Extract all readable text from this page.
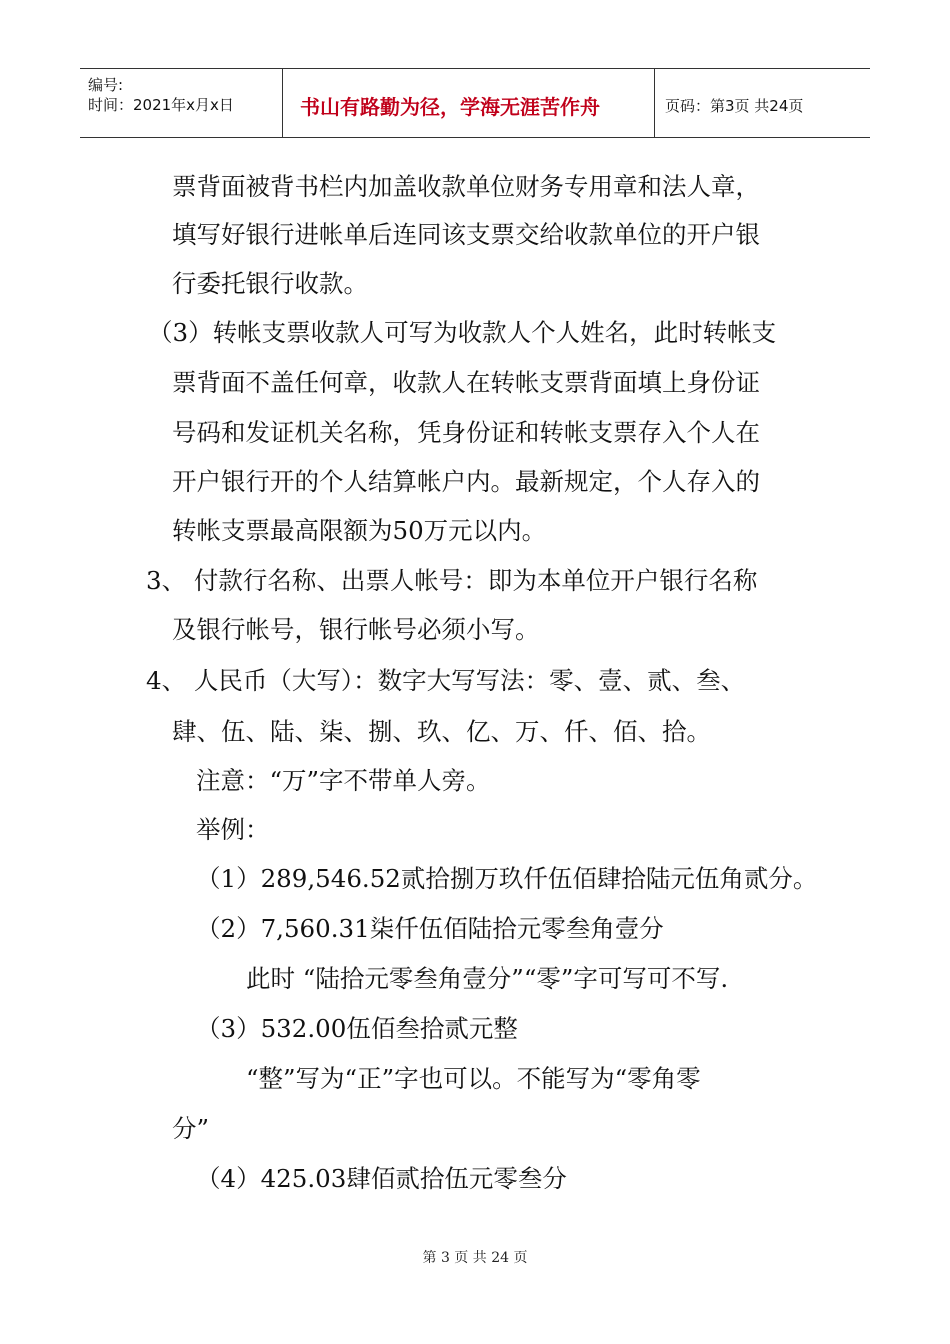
编号:
时间：2021年x月x日	书山有路勤为径，学海无涯苦作舟	页码：第3页 共24页
票背面被背书栏内加盖收款单位财务专用章和法人章，
填写好银行进帐单后连同该支票交给收款单位的开户银
行委托银行收款。
（3）转帐支票收款人可写为收款人个人姓名，此时转帐支
票背面不盖任何章，收款人在转帐支票背面填上身份证
号码和发证机关名称，凭身份证和转帐支票存入个人在
开户银行开的个人结算帐户内。最新规定，个人存入的
转帐支票最高限额为50万元以内。
3、 付款行名称、出票人帐号：即为本单位开户银行名称
及银行帐号，银行帐号必须小写。
4、 人民币（大写）：数字大写写法：零、壹、贰、叁、
肆、伍、陆、柒、捌、玖、亿、万、仟、佰、拾。
注意：“万”字不带单人旁。
举例：
（1）289,546.52贰拾捌万玖仟伍佰肆拾陆元伍角贰分。
（2）7,560.31柒仟伍佰陆拾元零叁角壹分
此时 “陆拾元零叁角壹分”“零”字可写可不写.
（3）532.00伍佰叁拾贰元整
“整”写为“正”字也可以。不能写为“零角零
分”
（4）425.03肆佰贰拾伍元零叁分
第 3 页 共 24 页
